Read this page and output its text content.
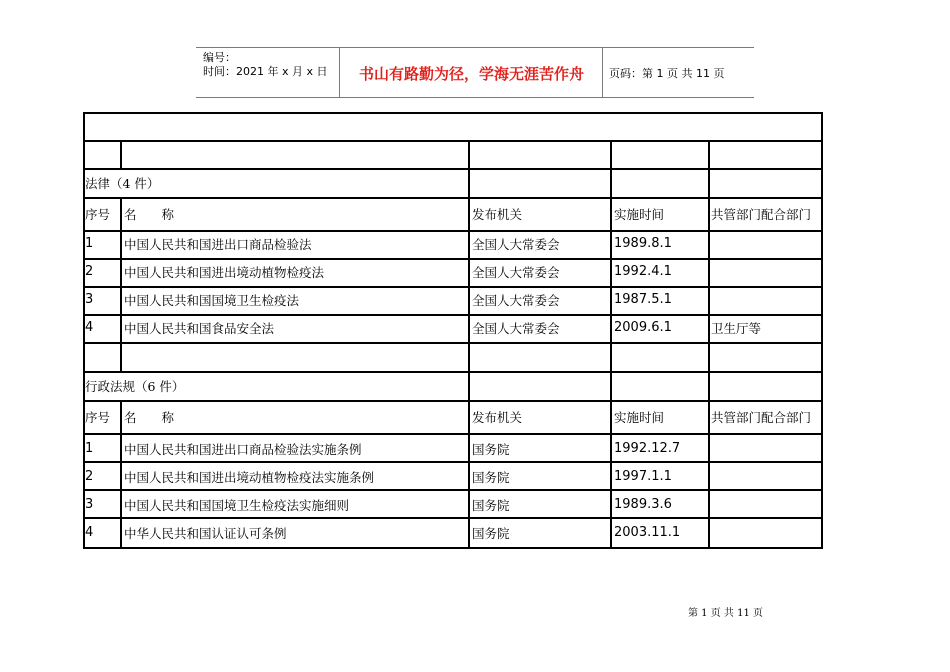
编号：
时间：2021 年 x 月 x 日	书山有路勤为径，学海无涯苦作舟	页码：第 1 页 共 11 页
法律（4 件）
序号 名　　称	发布机关	实施时间	共管部门配合部门
1 中国人民共和国进出口商品检验法	全国人大常委会	1989.8.1
2 中国人民共和国进出境动植物检疫法	全国人大常委会	1992.4.1
3 中国人民共和国国境卫生检疫法	全国人大常委会	1987.5.1
4 中国人民共和国食品安全法	全国人大常委会	2009.6.1	卫生厅等
行政法规（6 件）
序号 名　　称	发布机关	实施时间	共管部门配合部门
1 中国人民共和国进出口商品检验法实施条例	国务院	1992.12.7
2 中国人民共和国进出境动植物检疫法实施条例	国务院	1997.1.1
3 中国人民共和国国境卫生检疫法实施细则	国务院	1989.3.6
4 中华人民共和国认证认可条例	国务院	2003.11.1
第 1 页 共 11 页
